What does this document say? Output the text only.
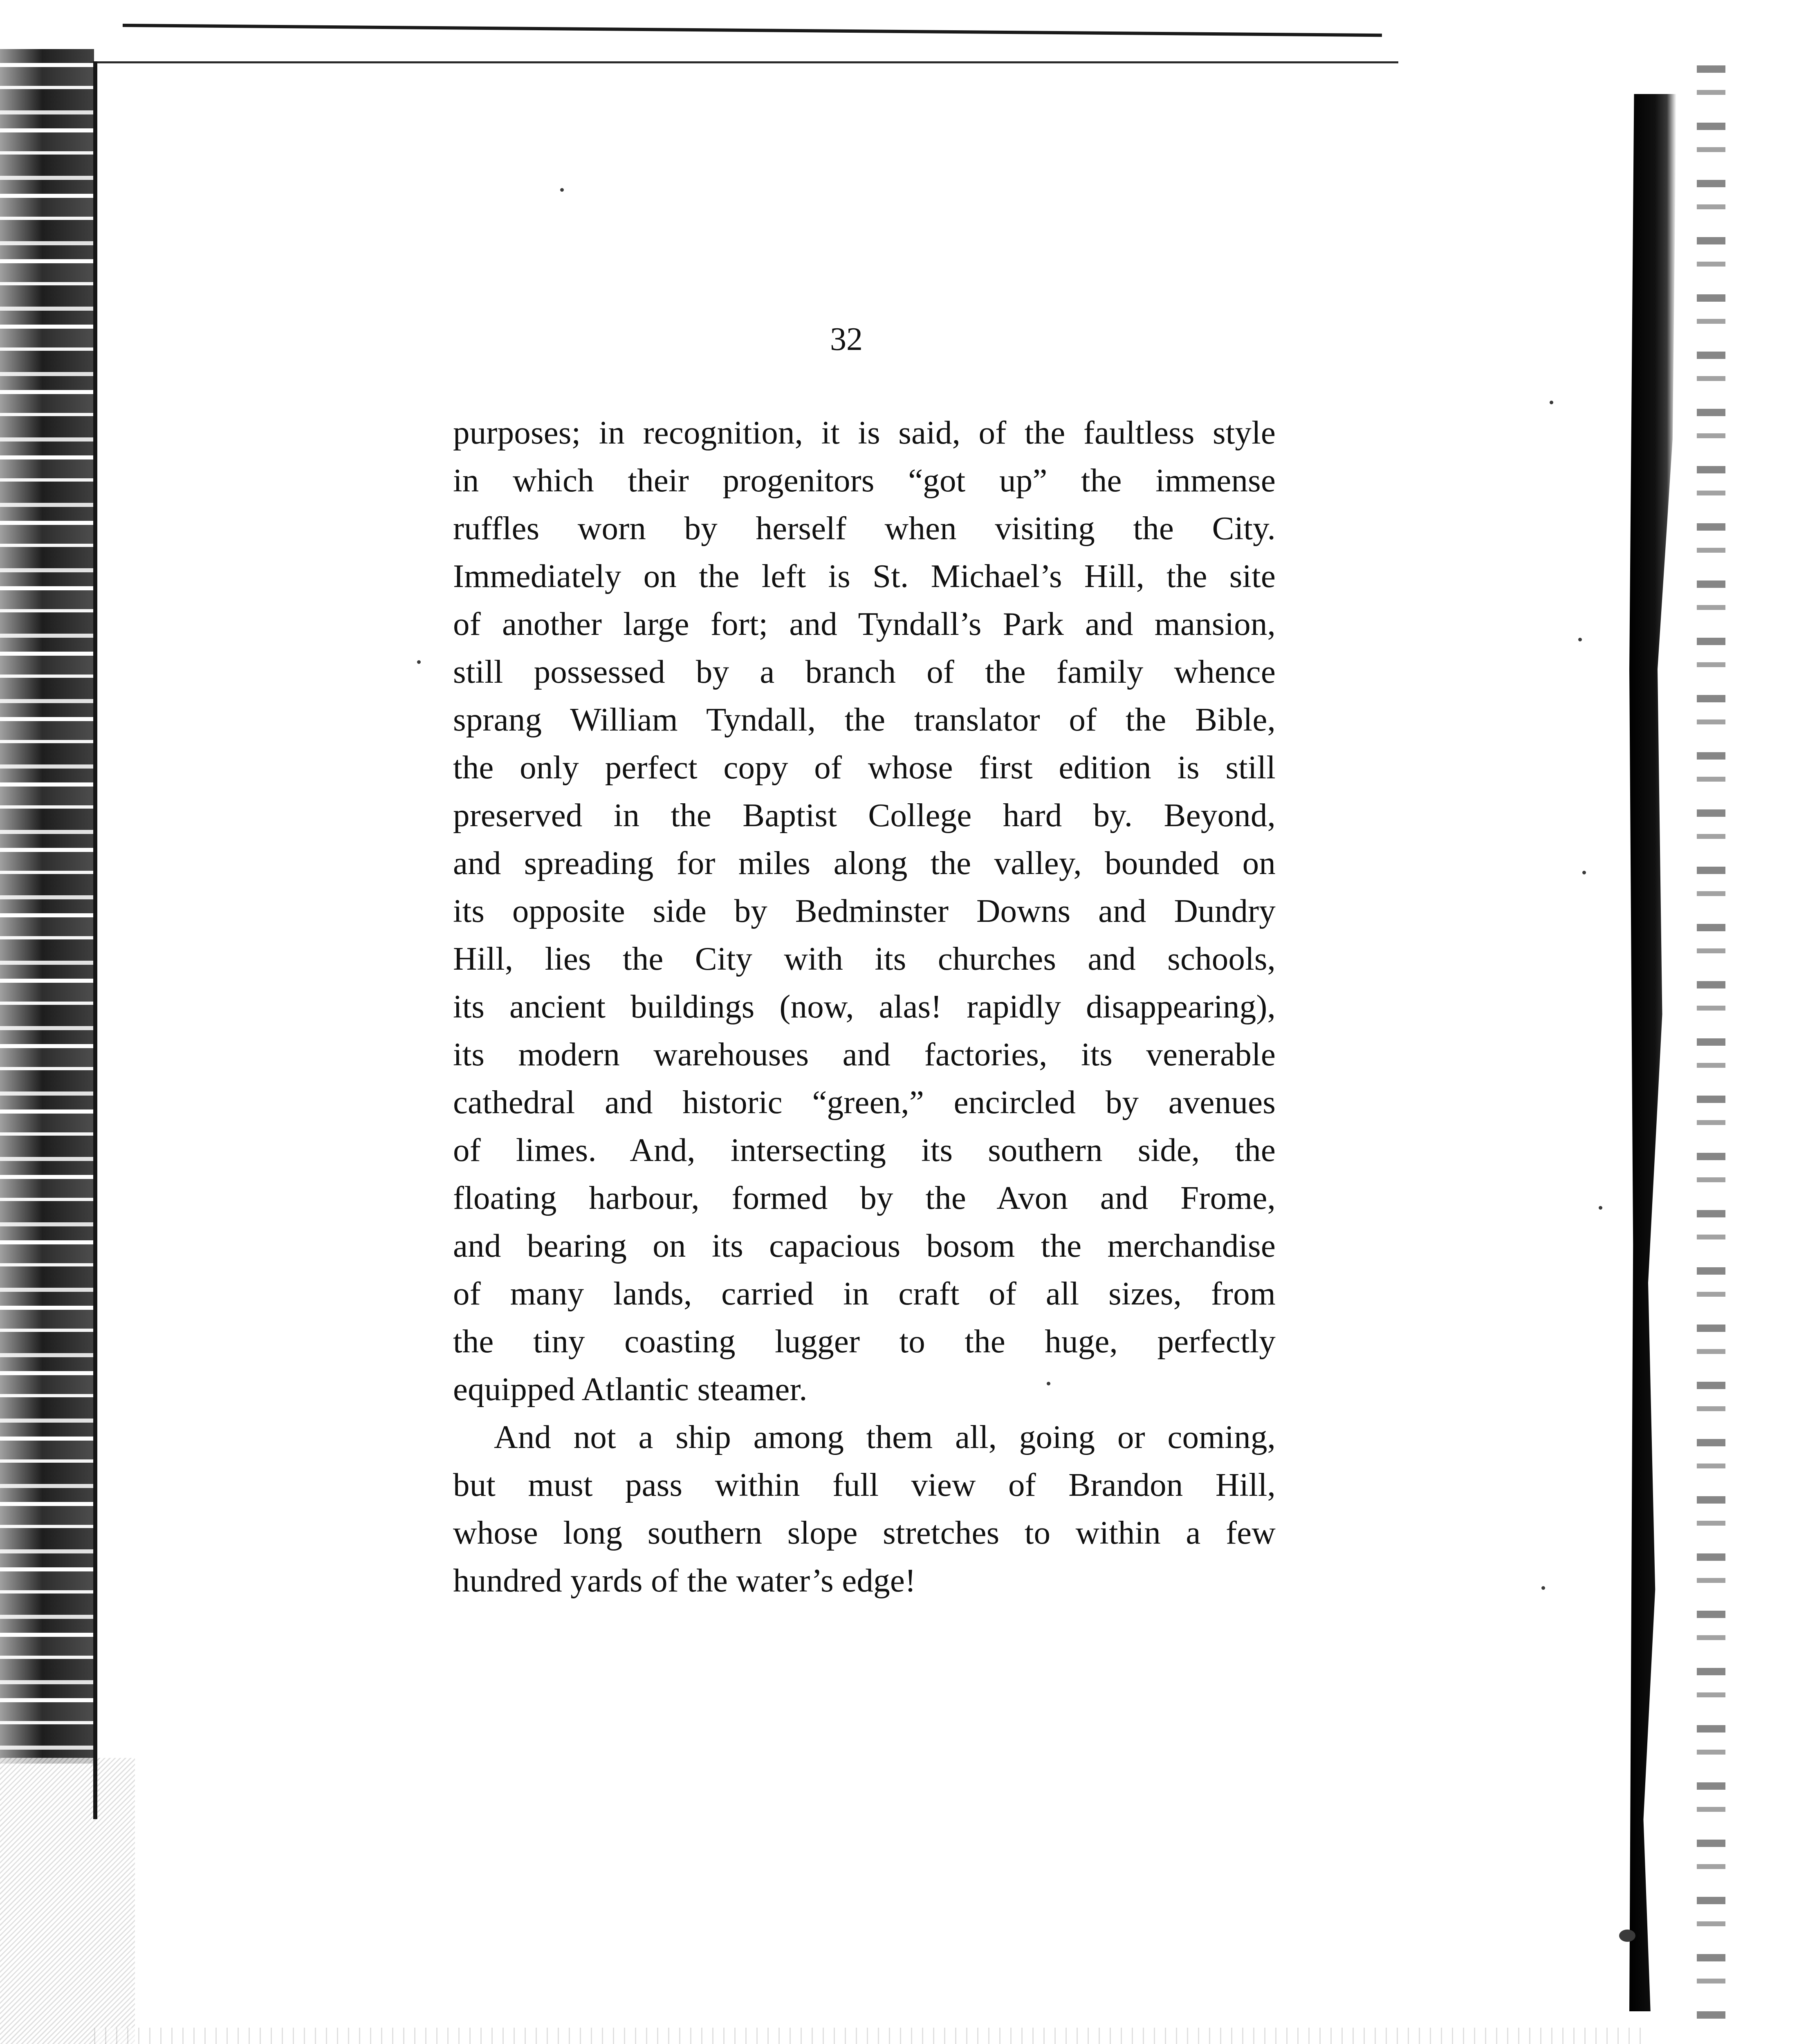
32

purposes; in recognition, it is said, of the faultless style

in which their progenitors “got up” the immense

ruffles worn by herself when visiting the City.

Immediately on the left is St. Michael’s Hill, the site

of another large fort; and Tyndall’s Park and mansion,

still possessed by a branch of the family whence

sprang William Tyndall, the translator of the Bible,

the only perfect copy of whose first edition is still

preserved in the Baptist College hard by. Beyond,

and spreading for miles along the valley, bounded on

its opposite side by Bedminster Downs and Dundry

Hill, lies the City with its churches and schools,

its ancient buildings (now, alas! rapidly disappearing),

its modern warehouses and factories, its venerable

cathedral and historic “green,” encircled by avenues

of limes. And, intersecting its southern side, the

floating harbour, formed by the Avon and Frome,

and bearing on its capacious bosom the merchandise

of many lands, carried in craft of all sizes, from

the tiny coasting lugger to the huge, perfectly

equipped Atlantic steamer.

And not a ship among them all, going or coming,

but must pass within full view of Brandon Hill,

whose long southern slope stretches to within a few

hundred yards of the water’s edge!
